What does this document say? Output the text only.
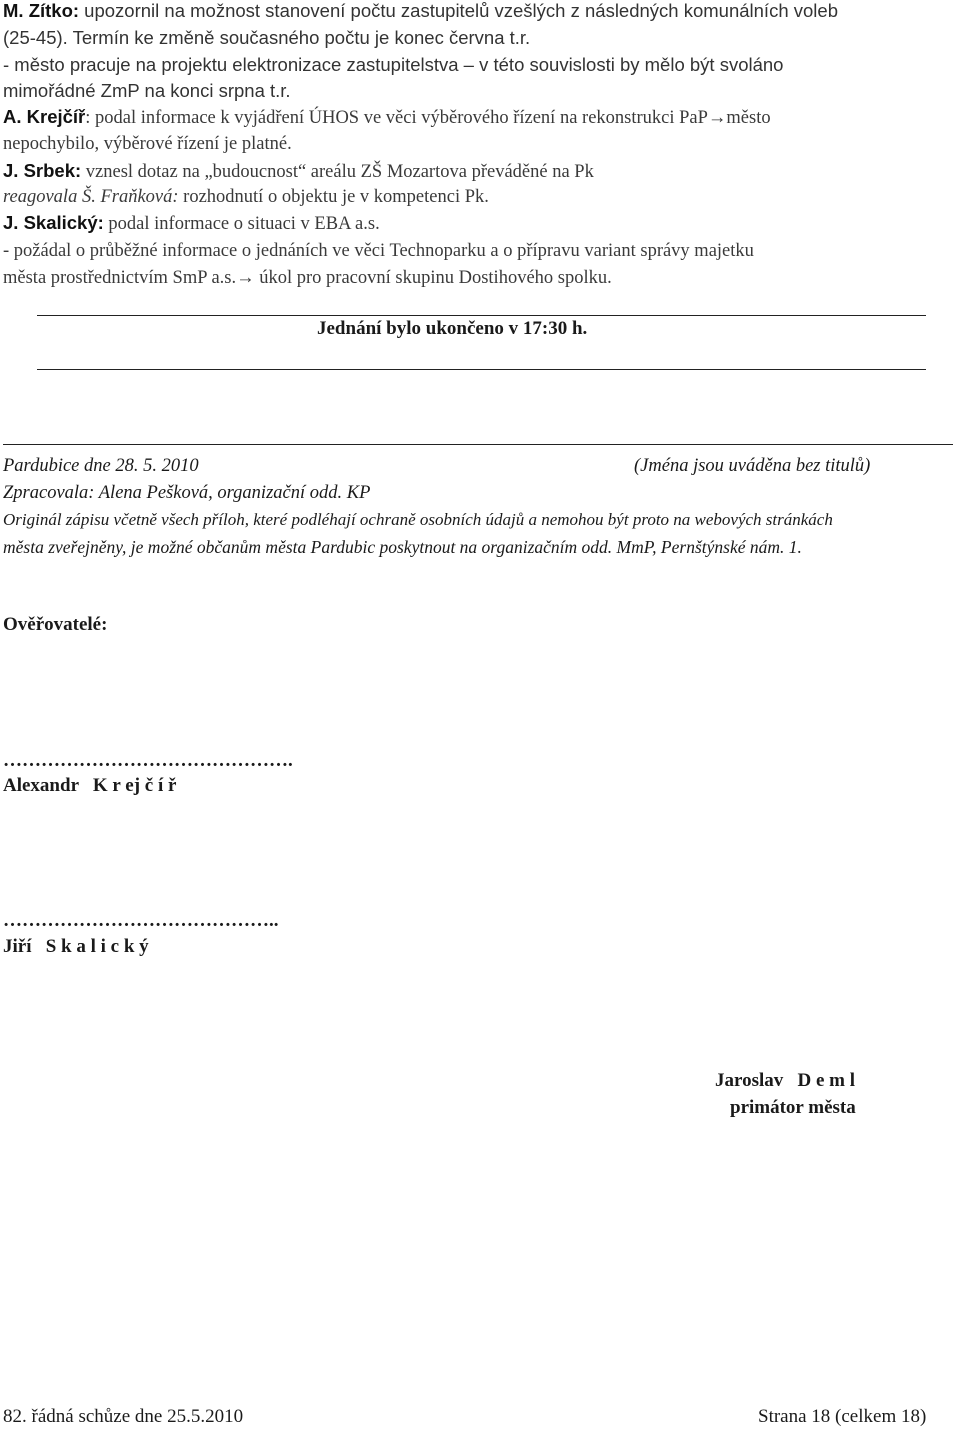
M. Zítko: upozornil na možnost stanovení počtu zastupitelů vzešlých z následných komunálních voleb
(25-45). Termín ke změně současného počtu je konec června t.r.
- město pracuje na projektu elektronizace zastupitelstva – v této souvislosti by mělo být svoláno
mimořádné ZmP na konci srpna t.r.
A. Krejčíř: podal informace k vyjádření ÚHOS ve věci výběrového řízení na rekonstrukci PaP→město
nepochybilo, výběrové řízení je platné.
J. Srbek: vznesl dotaz na „budoucnost“ areálu ZŠ Mozartova převáděné na Pk
reagovala Š. Fraňková: rozhodnutí o objektu je v kompetenci Pk.
J. Skalický: podal informace o situaci v EBA a.s.
- požádal o průběžné informace o jednáních ve věci Technoparku a o přípravu variant správy majetku
města prostřednictvím SmP a.s.→ úkol pro pracovní skupinu Dostihového spolku.
Jednání bylo ukončeno v 17:30 h.
Pardubice dne 28. 5. 2010	(Jména jsou uváděna bez titulů)
Zpracovala: Alena Pešková, organizační odd. KP
Originál zápisu včetně všech příloh, které podléhají ochraně osobních údajů a nemohou být proto na webových stránkách
města zveřejněny, je možné občanům města Pardubic poskytnout na organizačním odd. MmP, Pernštýnské nám. 1.
Ověřovatelé:
……………………………………….
Alexandr   K r ej č í ř
……………………………………..
Jiří   S k a l i c k ý
Jaroslav   D e m l
primátor města
82. řádná schůze dne 25.5.2010	Strana 18 (celkem 18)
